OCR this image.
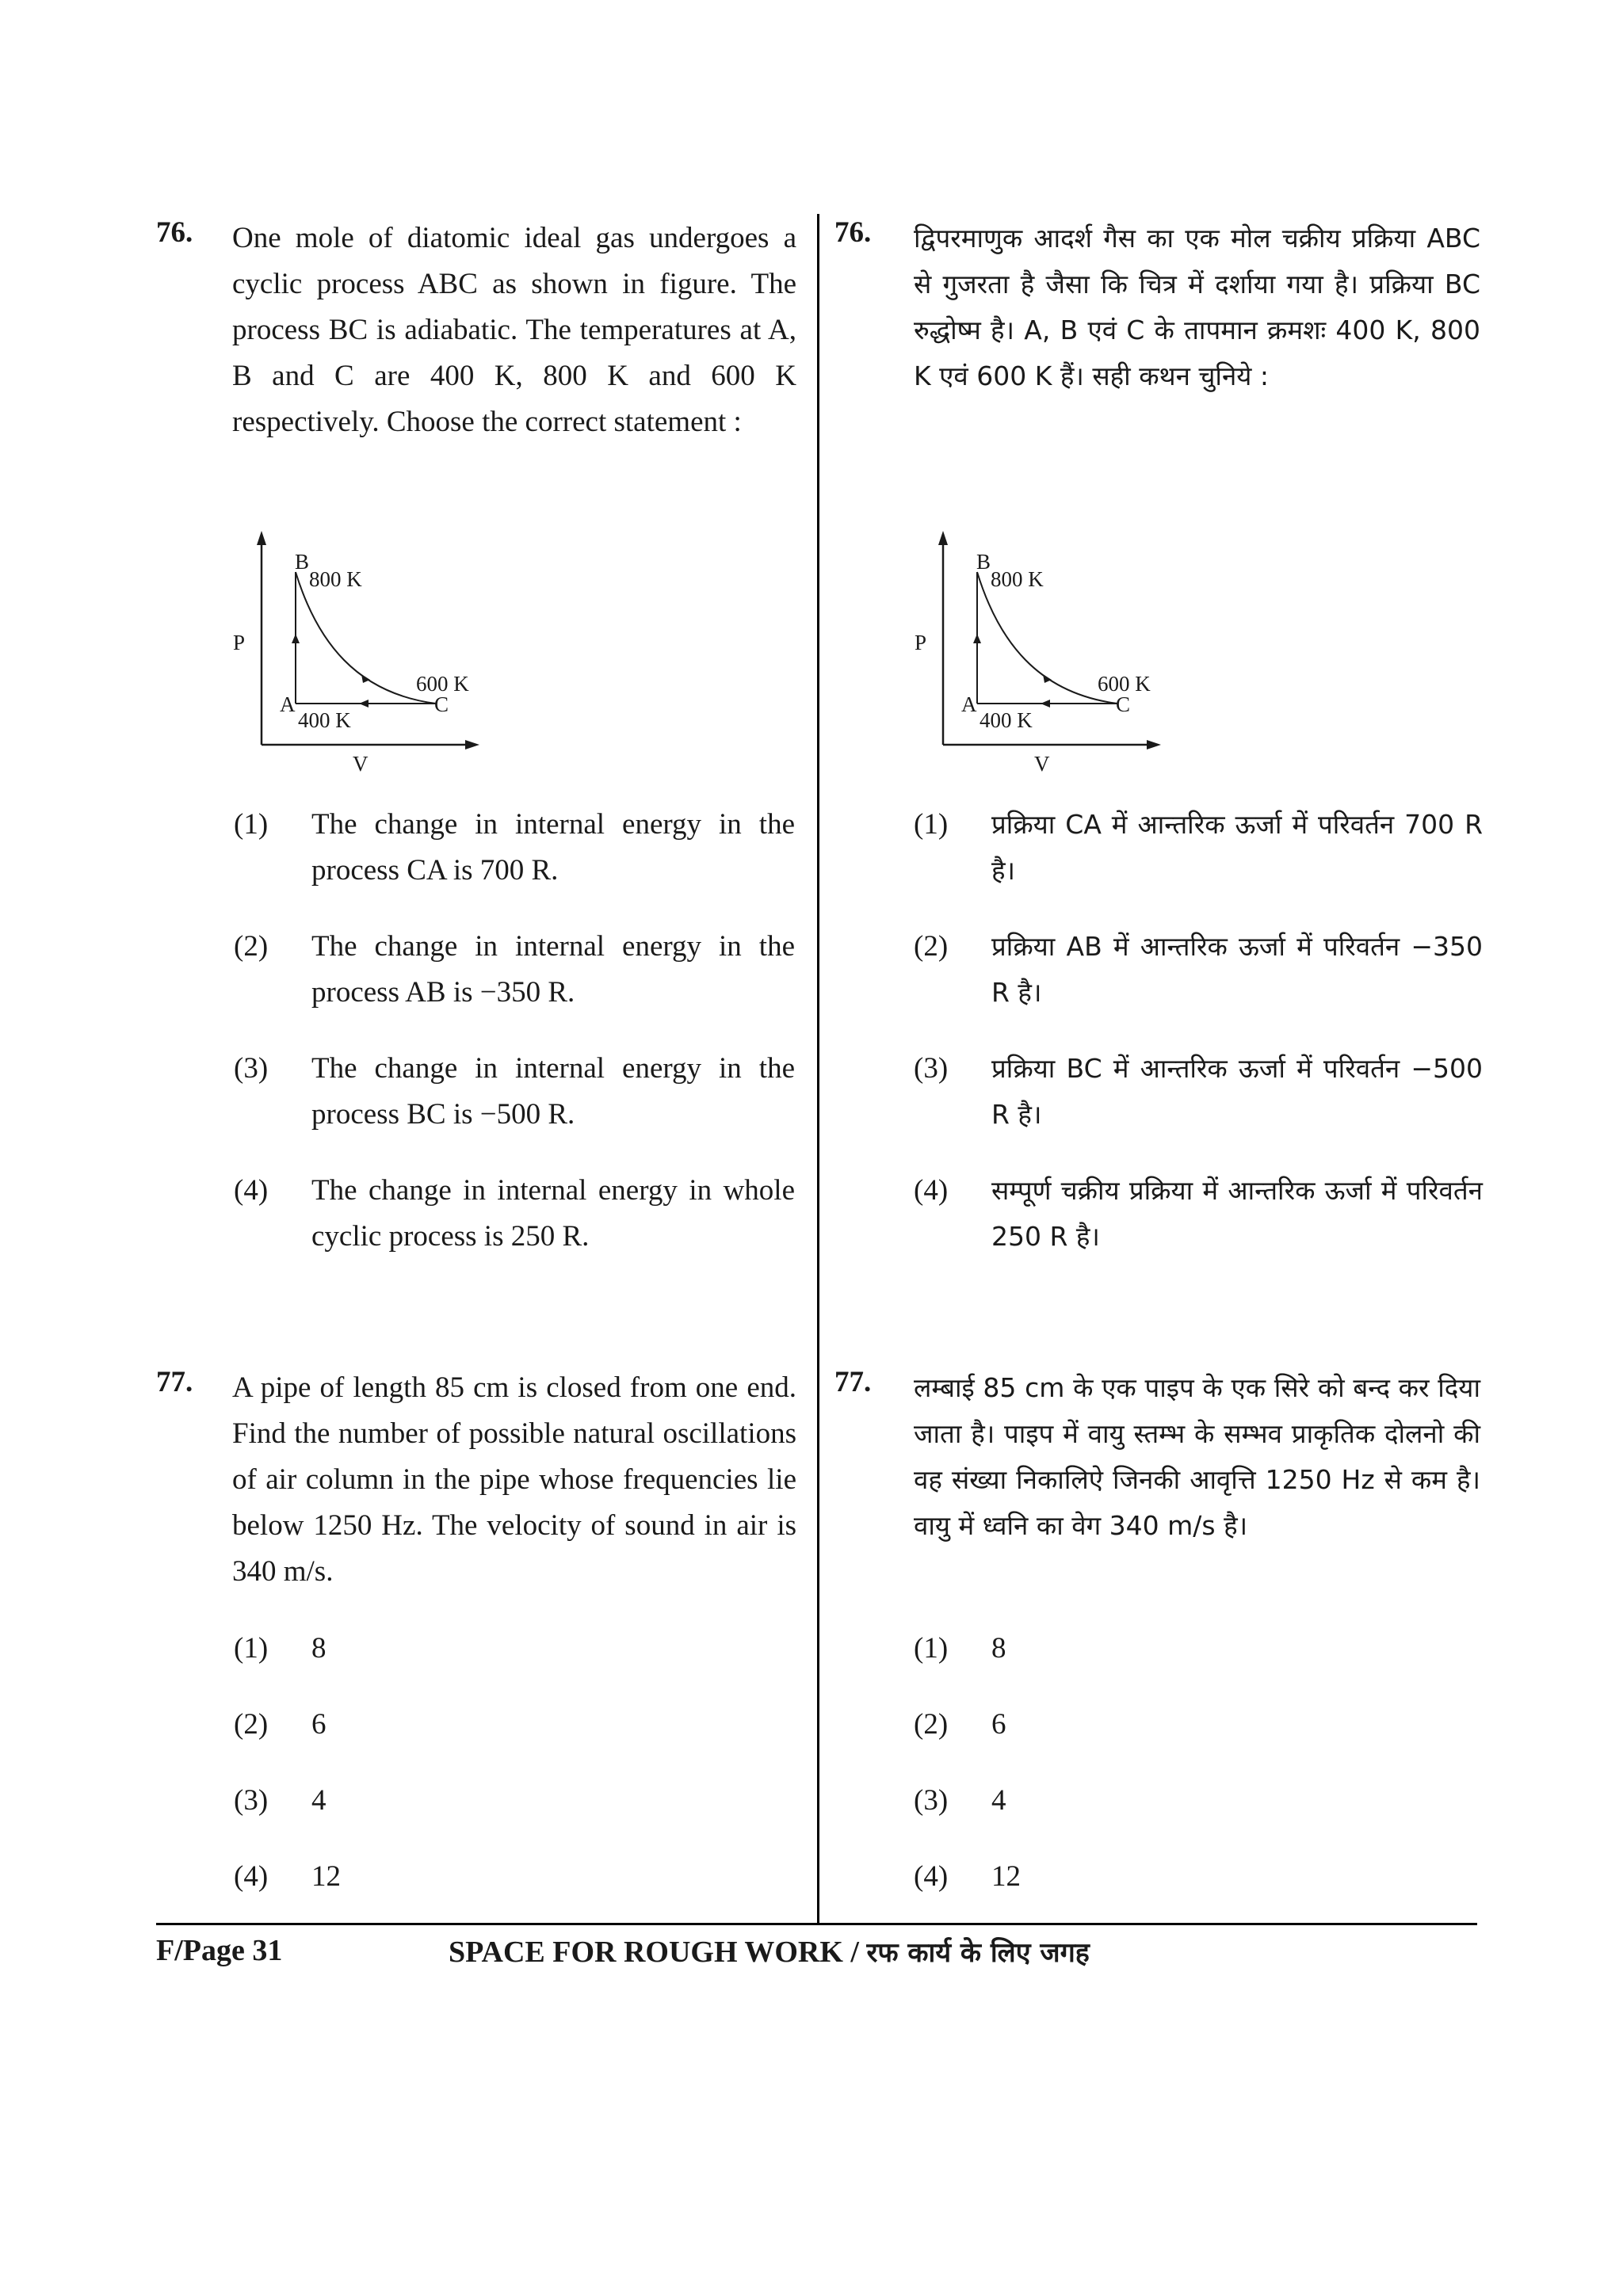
76. One mole of diatomic ideal gas undergoes a cyclic process ABC as shown in figure. The process BC is adiabatic. The temperatures at A, B and C are 400 K, 800 K and 600 K respectively. Choose the correct statement :
P
V
B
800 K
A
400 K
C
600 K
(1) The change in internal energy in the process CA is 700 R.
(2) The change in internal energy in the process AB is −350 R.
(3) The change in internal energy in the process BC is −500 R.
(4) The change in internal energy in whole cyclic process is 250 R.
77. A pipe of length 85 cm is closed from one end. Find the number of possible natural oscillations of air column in the pipe whose frequencies lie below 1250 Hz. The velocity of sound in air is 340 m/s.
(1) 8
(2) 6
(3) 4
(4) 12
76. द्विपरमाणुक आदर्श गैस का एक मोल चक्रीय प्रक्रिया ABC से गुजरता है जैसा कि चित्र में दर्शाया गया है। प्रक्रिया BC रुद्धोष्म है। A, B एवं C के तापमान क्रमशः 400 K, 800 K एवं 600 K हैं। सही कथन चुनिये :
P
V
B
800 K
A
400 K
C
600 K
(1) प्रक्रिया CA में आन्तरिक ऊर्जा में परिवर्तन 700 R है।
(2) प्रक्रिया AB में आन्तरिक ऊर्जा में परिवर्तन −350 R है।
(3) प्रक्रिया BC में आन्तरिक ऊर्जा में परिवर्तन −500 R है।
(4) सम्पूर्ण चक्रीय प्रक्रिया में आन्तरिक ऊर्जा में परिवर्तन 250 R है।
77. लम्बाई 85 cm के एक पाइप के एक सिरे को बन्द कर दिया जाता है। पाइप में वायु स्तम्भ के सम्भव प्राकृतिक दोलनो की वह संख्या निकालिऐ जिनकी आवृत्ति 1250 Hz से कम है। वायु में ध्वनि का वेग 340 m/s है।
(1) 8
(2) 6
(3) 4
(4) 12
F/Page 31	SPACE FOR ROUGH WORK / रफ कार्य के लिए जगह
